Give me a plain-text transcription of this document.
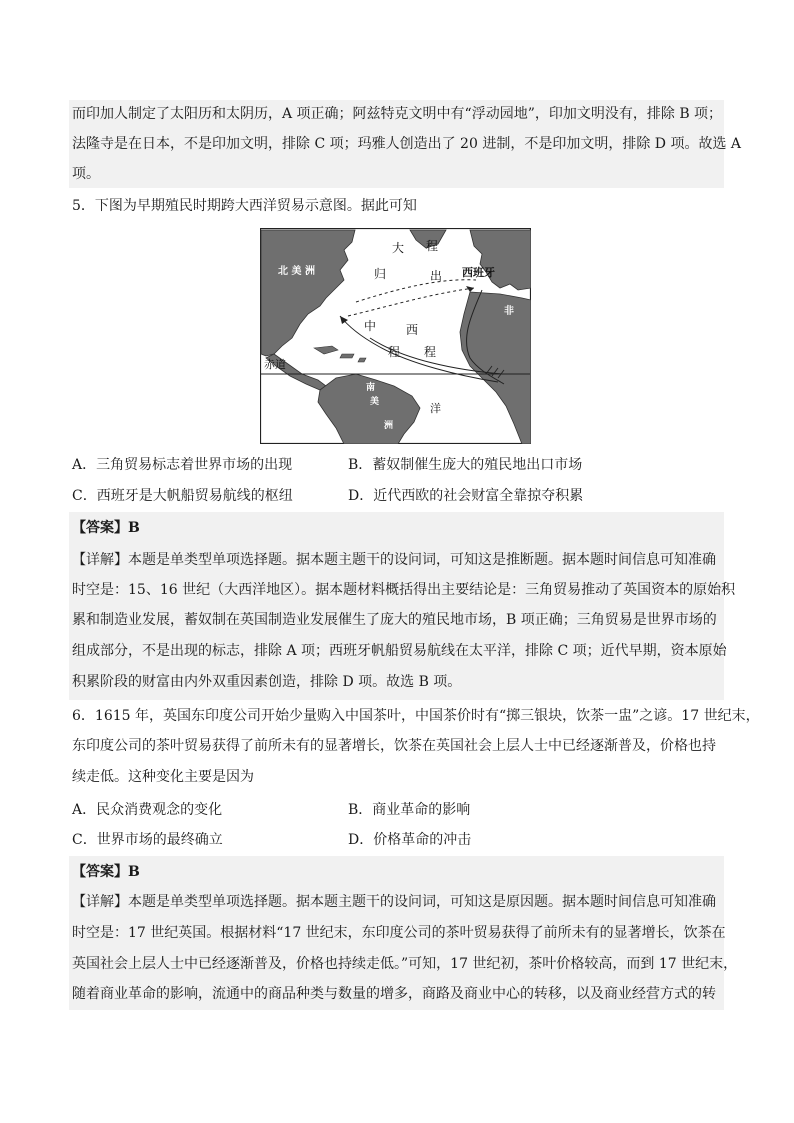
而印加人制定了太阳历和太阴历，A 项正确；阿兹特克文明中有“浮动园地”，印加文明没有，排除 B 项；
法隆寺是在日本，不是印加文明，排除 C 项；玛雅人创造出了 20 进制，不是印加文明，排除 D 项。故选 A
项。
5．下图为早期殖民时期跨大西洋贸易示意图。据此可知
北 美 洲
南
美
洲
非
西班牙
赤道
洋
大 程
归	出
中 西
程 程
A．三角贸易标志着世界市场的出现	B．蓄奴制催生庞大的殖民地出口市场
C．西班牙是大帆船贸易航线的枢纽	D．近代西欧的社会财富全靠掠夺积累
【答案】B
【详解】本题是单类型单项选择题。据本题主题干的设问词，可知这是推断题。据本题时间信息可知准确
时空是：15、16 世纪（大西洋地区）。据本题材料概括得出主要结论是：三角贸易推动了英国资本的原始积
累和制造业发展，蓄奴制在英国制造业发展催生了庞大的殖民地市场，B 项正确；三角贸易是世界市场的
组成部分，不是出现的标志，排除 A 项；西班牙帆船贸易航线在太平洋，排除 C 项；近代早期，资本原始
积累阶段的财富由内外双重因素创造，排除 D 项。故选 B 项。
6．1615 年，英国东印度公司开始少量购入中国茶叶，中国茶价时有“掷三银块，饮茶一盅”之谚。17 世纪末，
东印度公司的茶叶贸易获得了前所未有的显著增长，饮茶在英国社会上层人士中已经逐渐普及，价格也持
续走低。这种变化主要是因为
A．民众消费观念的变化	B．商业革命的影响
C．世界市场的最终确立	D．价格革命的冲击
【答案】B
【详解】本题是单类型单项选择题。据本题主题干的设问词，可知这是原因题。据本题时间信息可知准确
时空是：17 世纪英国。根据材料“17 世纪末，东印度公司的茶叶贸易获得了前所未有的显著增长，饮茶在
英国社会上层人士中已经逐渐普及，价格也持续走低。”可知，17 世纪初，茶叶价格较高，而到 17 世纪末，
随着商业革命的影响，流通中的商品种类与数量的增多，商路及商业中心的转移，以及商业经营方式的转
